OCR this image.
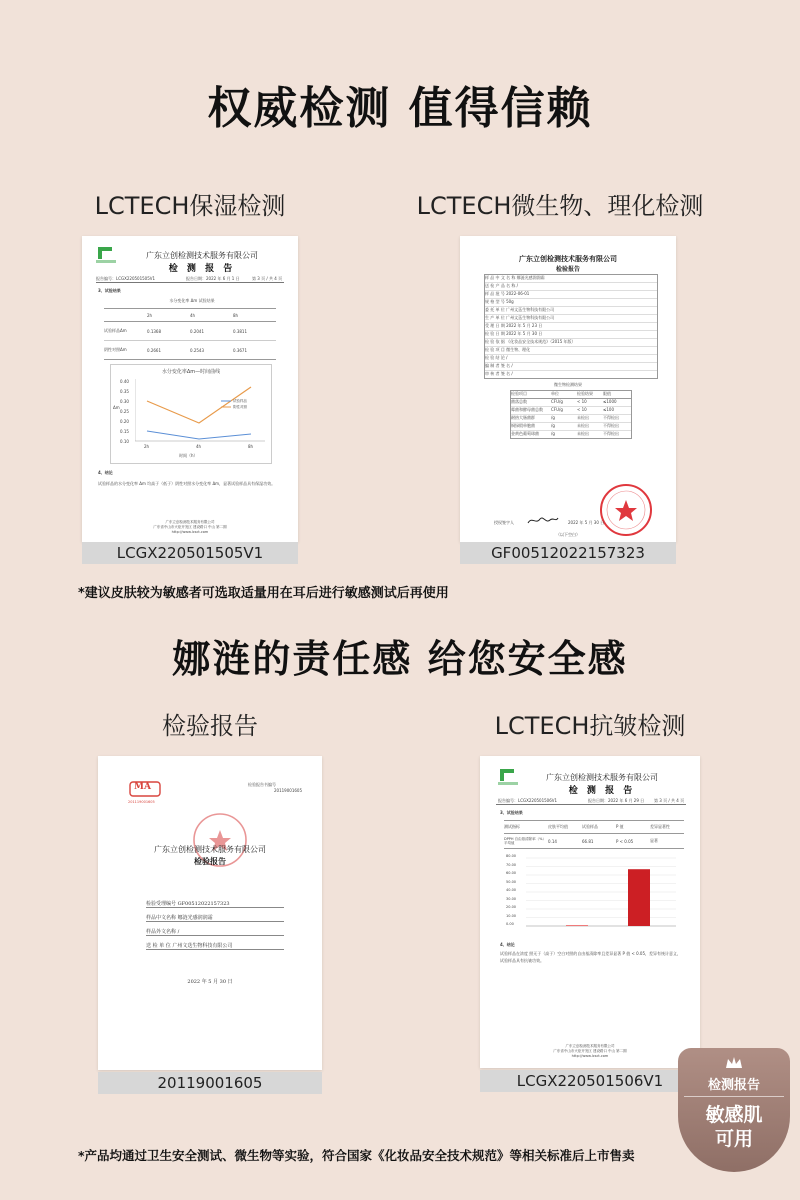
权威检测 值得信赖
LCTECH保湿检测	LCTECH微生物、理化检测
广东立创检测技术服务有限公司
检 测 报 告
报告编号：LCGX220501505V1	报告日期：2022 年 6 月 1 日	第 3 页 / 共 4 页
3、试验结果
水分变化率 Δm 试验结果
2h	4h	8h
试验样品Δm	0.1368	0.2041	0.3811
阴性对照Δm	0.2661	0.2543	0.3671
水分变化率Δm—时间曲线
Δm
0.40
0.35
0.30
0.25
0.20
0.15
0.10
试验样品
阴性对照
2h	4h	8h
时间（h）
4、结论
试验样品的水分变化率 Δm 均高于（低于）阴性对照水分变化率 Δm，显著试验样品具有保湿功效。
广东立创检测技术服务有限公司
广东省中山市火炬开发区 建设路口 中山 第二期
http://www.lcsct.com
LCGX220501505V1
广东立创检测技术服务有限公司
检验报告
样 品 中 文 名 称 娜涟光感润润霜
送 检 产 品 名 称 /
样 品 批 号 2022-06-01
规 格 型 号 50g
委 托 单 位 广州文荙生物科技有限公司
生 产 单 位 广州文荙生物科技有限公司
受 理 日 期 2022 年 5 月 23 日
检 验 日 期 2022 年 5 月 30 日
检 验 依 据 《化妆品安全技术规范》（2015 年版）
检 验 项 目 微生物、理化
检 验 结 论 /
编 制 者 签 名 /
审 核 者 签 名 /
微生物检测结果
检验项目	单位	检验结果	限值
菌落总数	CFU/g	< 10	≤1000
霉菌和酵母菌总数	CFU/g	< 10	≤100
耐热大肠菌群	/g	未检出	不得检出
铜绿假单胞菌	/g	未检出	不得检出
金黄色葡萄球菌	/g	未检出	不得检出
授权签字人	2022 年 5 月 30 日
（以下空白）
GF00512022157323
*建议皮肤较为敏感者可选取适量用在耳后进行敏感测试后再使用
娜涟的责任感 给您安全感
检验报告	LCTECH抗皱检测
MA
201119001605
检验报告书编号
20119001605
广东立创检测技术服务有限公司
检验报告
检验受理编号 GF00512022157323
样品中文名称 娜涟光感润润霜
样品外文名称 /
送 检 单 位 广州文荙生物科技有限公司
2022 年 5 月 30 日
20119001605
广东立创检测技术服务有限公司
检 测 报 告
报告编号：LCGX220501506V1	报告日期：2022 年 6 月 29 日 第 3 页 / 共 4 页
3、试验结果
测试指标	皮肤平均值	试验样品	P 值	差异显著性
DPPH 自由基清除率（%）平均值	0.14	66.81	P < 0.05	显著
80.00
70.00
60.00
50.00
40.00
30.00
20.00
10.00
0.00
4、结论
试验样品在浓度 照无于（高于）空白对照的自由基清除率且差异显著 P 值 < 0.05，差异有统计意义，试验样品具有抗皱功效。
广东立创检测技术服务有限公司
广东省中山市火炬开发区 建设路口 中山 第二期
http://www.lcsct.com
LCGX220501506V1	检测报告
敏感肌
可用
*产品均通过卫生安全测试、微生物等实验，符合国家《化妆品安全技术规范》等相关标准后上市售卖
